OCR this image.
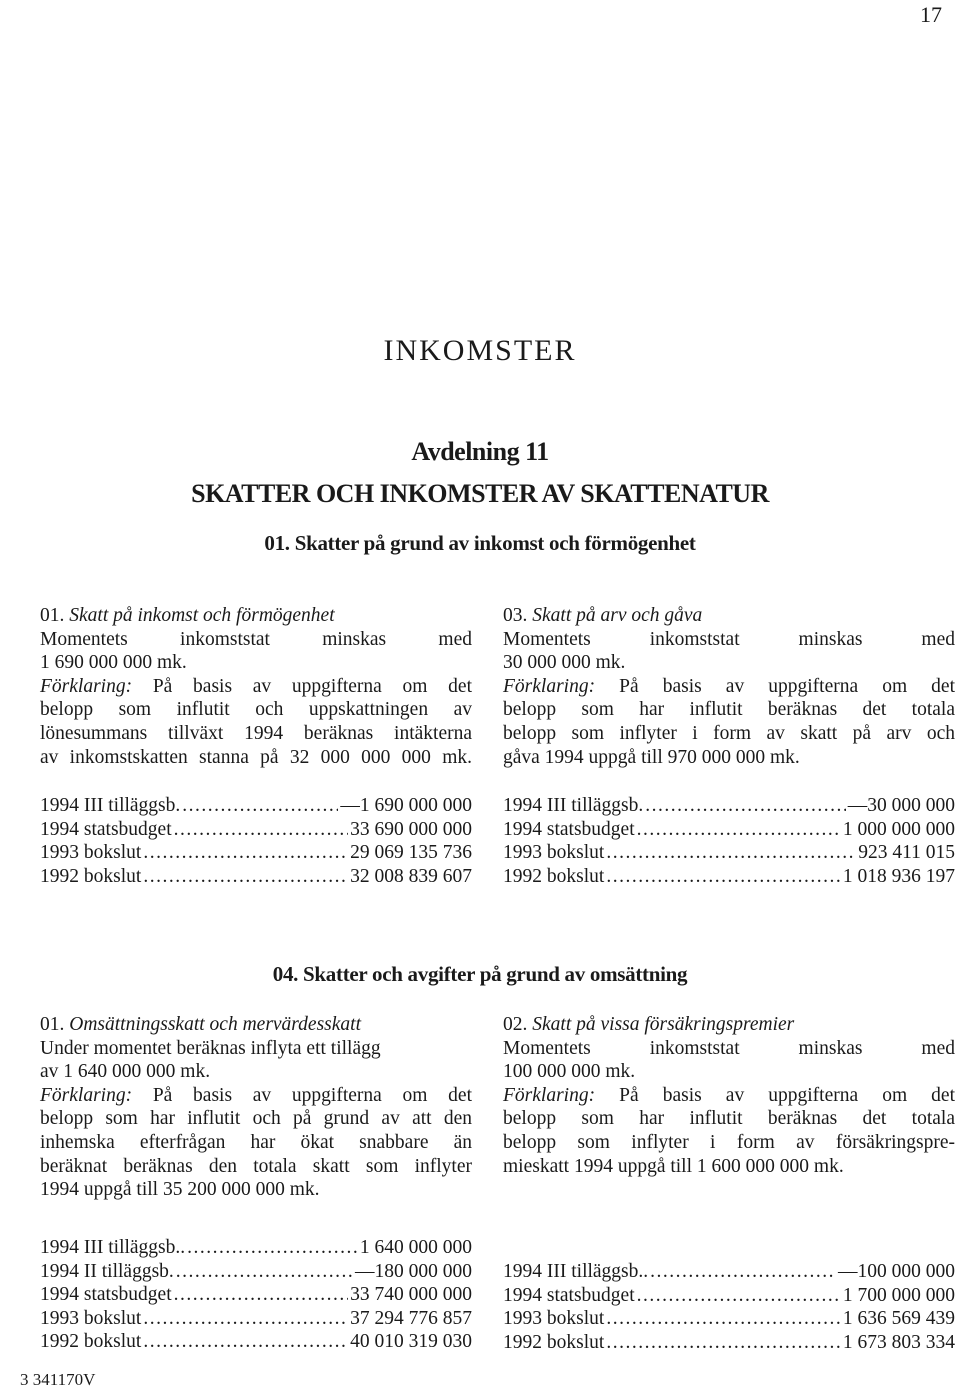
17
INKOMSTER
Avdelning 11
SKATTER OCH INKOMSTER AV SKATTENATUR
01. Skatter på grund av inkomst och förmögenhet

01. Skatt på inkomst och förmögenhet

Momentets inkomststat minskas med

1 690 000 000 mk.

Förklaring: På basis av uppgifterna om det

belopp som influtit och uppskattningen av

lönesummans tillväxt 1994 beräknas intäkterna

av inkomstskatten stanna på 32 000 000 000 mk.

1994 III tilläggsb. .....	—1 690 000 000
1994 statsbudget .....	33 690 000 000
1993 bokslut .....	29 069 135 736
1992 bokslut .....	32 008 839 607

03. Skatt på arv och gåva

Momentets inkomststat minskas med

30 000 000 mk.

Förklaring: På basis av uppgifterna om det

belopp som har influtit beräknas det totala

belopp som inflyter i form av skatt på arv och

gåva 1994 uppgå till 970 000 000 mk.

1994 III tilläggsb. .....	—30 000 000
1994 statsbudget .....	1 000 000 000
1993 bokslut .....	923 411 015
1992 bokslut .....	1 018 936 197
04. Skatter och avgifter på grund av omsättning

01. Omsättningsskatt och mervärdesskatt

Under momentet beräknas inflyta ett tillägg

av 1 640 000 000 mk.

Förklaring: På basis av uppgifterna om det

belopp som har influtit och på grund av att den

inhemska efterfrågan har ökat snabbare än

beräknat beräknas den totala skatt som inflyter

1994 uppgå till 35 200 000 000 mk.

1994 III tilläggsb.. .....	1 640 000 000
1994 II tilläggsb. .....	—180 000 000
1994 statsbudget .....	33 740 000 000
1993 bokslut .....	37 294 776 857
1992 bokslut .....	40 010 319 030

02. Skatt på vissa försäkringspremier

Momentets inkomststat minskas med

100 000 000 mk.

Förklaring: På basis av uppgifterna om det

belopp som har influtit beräknas det totala

belopp som inflyter i form av försäkringspre-

mieskatt 1994 uppgå till 1 600 000 000 mk.

1994 III tilläggsb.. .....	—100 000 000
1994 statsbudget .....	1 700 000 000
1993 bokslut .....	1 636 569 439
1992 bokslut .....	1 673 803 334
3 341170V
